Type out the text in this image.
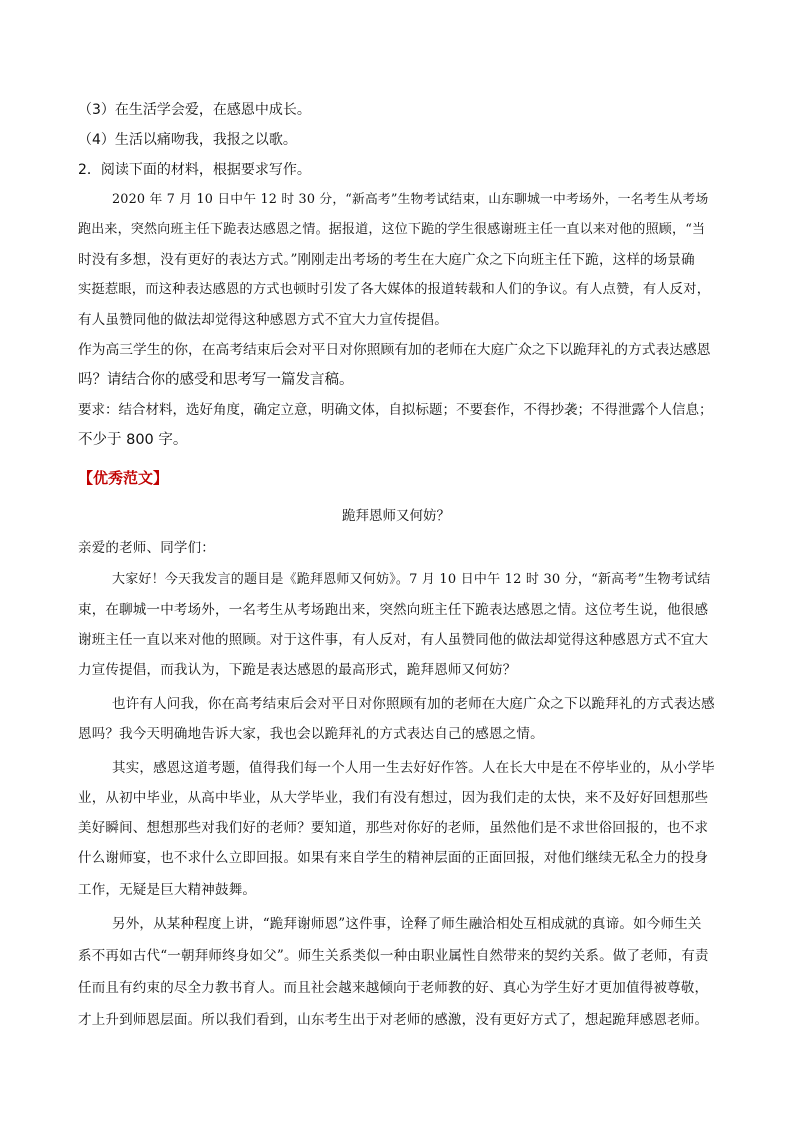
（3）在生活学会爱，在感恩中成长。
（4）生活以痛吻我，我报之以歌。
2．阅读下面的材料，根据要求写作。
2020 年 7 月 10 日中午 12 时 30 分，“新高考”生物考试结束，山东聊城一中考场外，一名考生从考场
跑出来，突然向班主任下跪表达感恩之情。据报道，这位下跪的学生很感谢班主任一直以来对他的照顾，“当
时没有多想，没有更好的表达方式。”刚刚走出考场的考生在大庭广众之下向班主任下跪，这样的场景确
实挺惹眼，而这种表达感恩的方式也顿时引发了各大媒体的报道转载和人们的争议。有人点赞，有人反对，
有人虽赞同他的做法却觉得这种感恩方式不宜大力宣传提倡。
作为高三学生的你，在高考结束后会对平日对你照顾有加的老师在大庭广众之下以跪拜礼的方式表达感恩
吗？请结合你的感受和思考写一篇发言稿。
要求：结合材料，选好角度，确定立意，明确文体，自拟标题；不要套作，不得抄袭；不得泄露个人信息；
不少于 800 字。
【优秀范文】
跪拜恩师又何妨？
亲爱的老师、同学们：
大家好！今天我发言的题目是《跪拜恩师又何妨》。7 月 10 日中午 12 时 30 分，“新高考”生物考试结
束，在聊城一中考场外，一名考生从考场跑出来，突然向班主任下跪表达感恩之情。这位考生说，他很感
谢班主任一直以来对他的照顾。对于这件事，有人反对，有人虽赞同他的做法却觉得这种感恩方式不宜大
力宣传提倡，而我认为，下跪是表达感恩的最高形式，跪拜恩师又何妨？
也许有人问我，你在高考结束后会对平日对你照顾有加的老师在大庭广众之下以跪拜礼的方式表达感
恩吗？我今天明确地告诉大家，我也会以跪拜礼的方式表达自己的感恩之情。
其实，感恩这道考题，值得我们每一个人用一生去好好作答。人在长大中是在不停毕业的，从小学毕
业，从初中毕业，从高中毕业，从大学毕业，我们有没有想过，因为我们走的太快，来不及好好回想那些
美好瞬间、想想那些对我们好的老师？要知道，那些对你好的老师，虽然他们是不求世俗回报的，也不求
什么谢师宴，也不求什么立即回报。如果有来自学生的精神层面的正面回报，对他们继续无私全力的投身
工作，无疑是巨大精神鼓舞。
另外，从某种程度上讲，“跪拜谢师恩”这件事，诠释了师生融洽相处互相成就的真谛。如今师生关
系不再如古代“一朝拜师终身如父”。师生关系类似一种由职业属性自然带来的契约关系。做了老师，有责
任而且有约束的尽全力教书育人。而且社会越来越倾向于老师教的好、真心为学生好才更加值得被尊敬，
才上升到师恩层面。所以我们看到，山东考生出于对老师的感激，没有更好方式了，想起跪拜感恩老师。
